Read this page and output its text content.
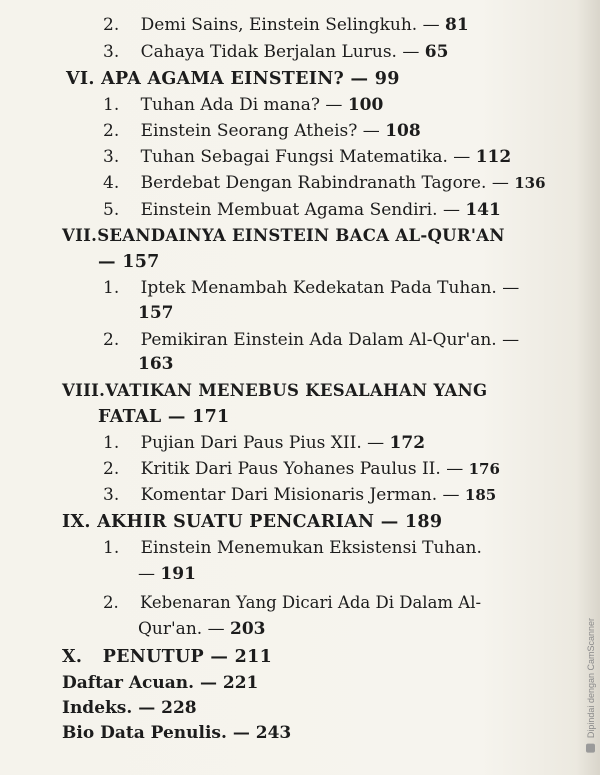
2. Demi Sains, Einstein Selingkuh. — 81
3. Cahaya Tidak Berjalan Lurus. — 65
VI. APA AGAMA EINSTEIN? — 99
1. Tuhan Ada Di mana? — 100
2. Einstein Seorang Atheis? — 108
3. Tuhan Sebagai Fungsi Matematika. — 112
4. Berdebat Dengan Rabindranath Tagore. — 136
5. Einstein Membuat Agama Sendiri. — 141
VII.SEANDAINYA EINSTEIN BACA AL-QUR'AN
— 157
1. Iptek Menambah Kedekatan Pada Tuhan. —
157
2. Pemikiran Einstein Ada Dalam Al-Qur'an. —
163
VIII.VATIKAN MENEBUS KESALAHAN YANG
FATAL — 171
1. Pujian Dari Paus Pius XII. — 172
2. Kritik Dari Paus Yohanes Paulus II. — 176
3. Komentar Dari Misionaris Jerman. — 185
IX. AKHIR SUATU PENCARIAN — 189
1. Einstein Menemukan Eksistensi Tuhan.
— 191
2. Kebenaran Yang Dicari Ada Di Dalam Al-
Qur'an. — 203
X. PENUTUP — 211
Daftar Acuan. — 221
Indeks. — 228
Bio Data Penulis. — 243	Dipindai dengan CamScanner
